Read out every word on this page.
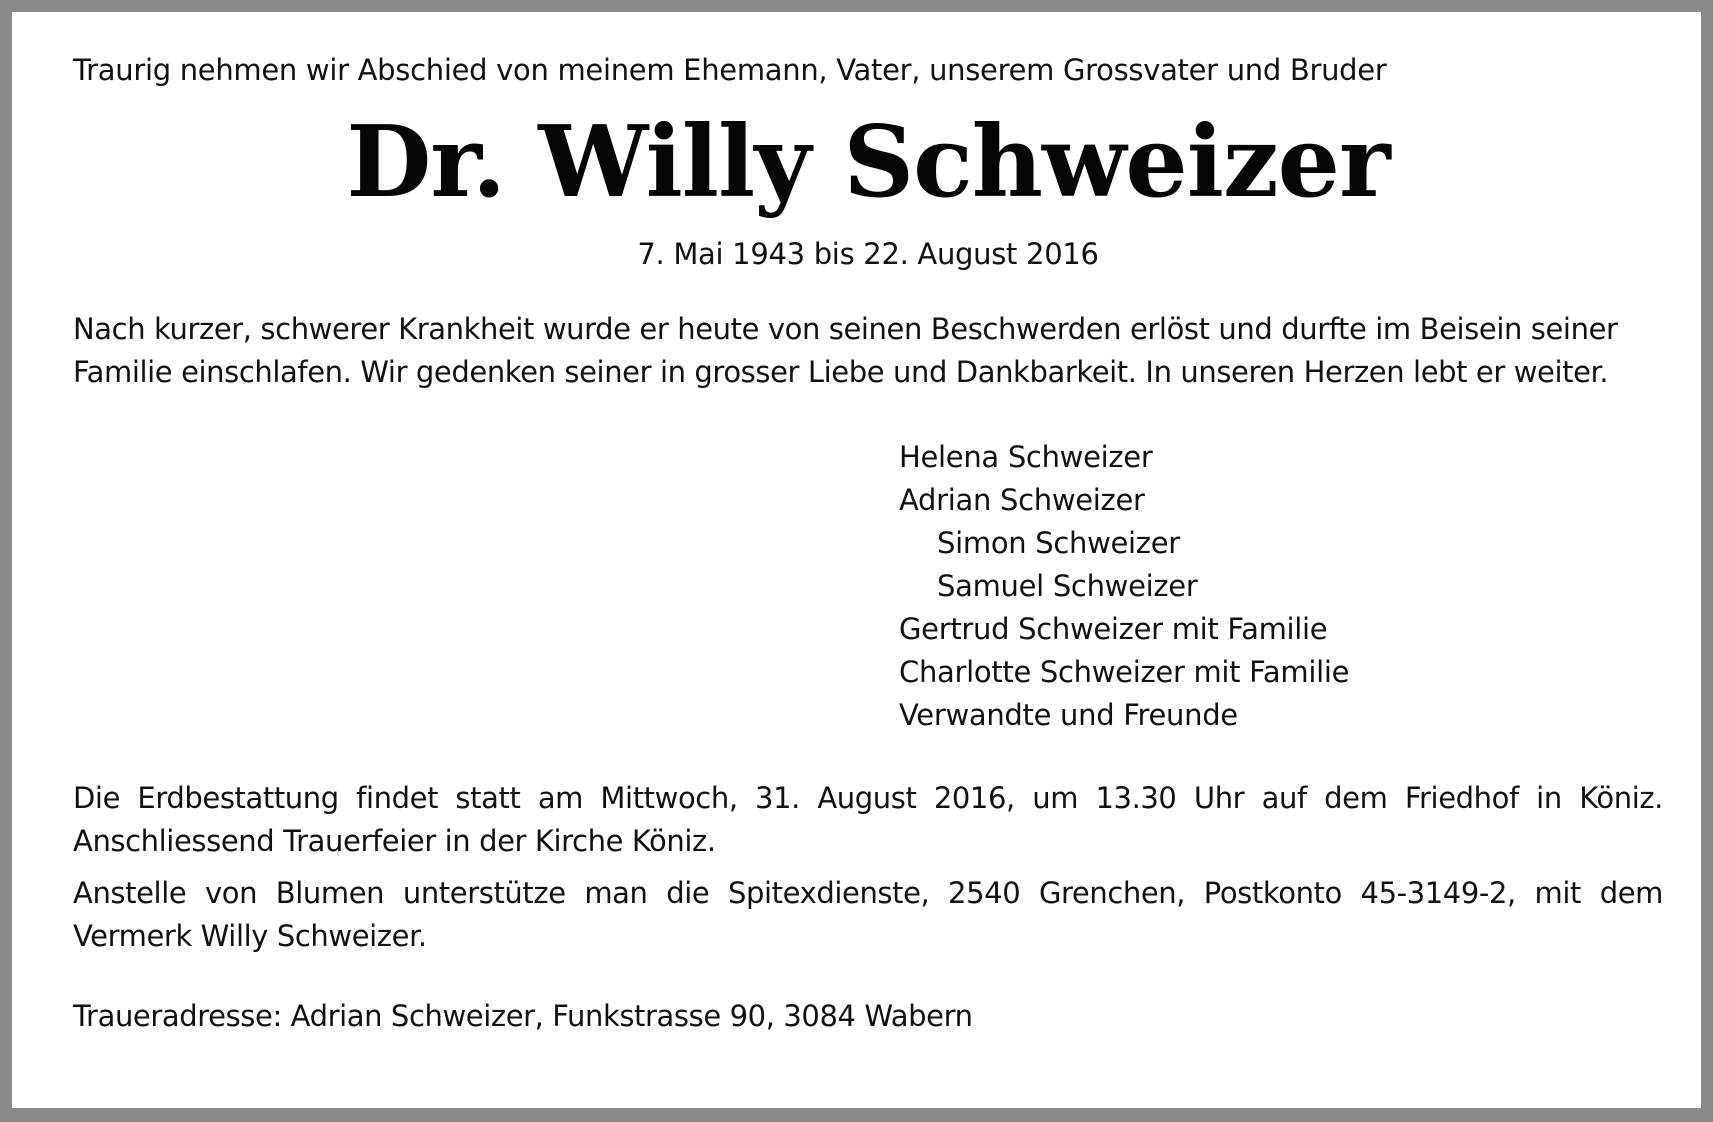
Traurig nehmen wir Abschied von meinem Ehemann, Vater, unserem Grossvater und Bruder

Dr. Willy Schweizer

7. Mai 1943 bis 22. August 2016

Nach kurzer, schwerer Krankheit wurde er heute von seinen Beschwerden erlöst und durfte im Beisein seiner Familie einschlafen. Wir gedenken seiner in grosser Liebe und Dankbarkeit. In unseren Herzen lebt er weiter.

Helena Schweizer
Adrian Schweizer
Simon Schweizer
Samuel Schweizer
Gertrud Schweizer mit Familie
Charlotte Schweizer mit Familie
Verwandte und Freunde

Die Erdbestattung findet statt am Mittwoch, 31. August 2016, um 13.30 Uhr auf dem Friedhof in Köniz. Anschliessend Trauerfeier in der Kirche Köniz.

Anstelle von Blumen unterstütze man die Spitexdienste, 2540 Grenchen, Postkonto 45-3149-2, mit dem Vermerk Willy Schweizer.

Traueradresse: Adrian Schweizer, Funkstrasse 90, 3084 Wabern
